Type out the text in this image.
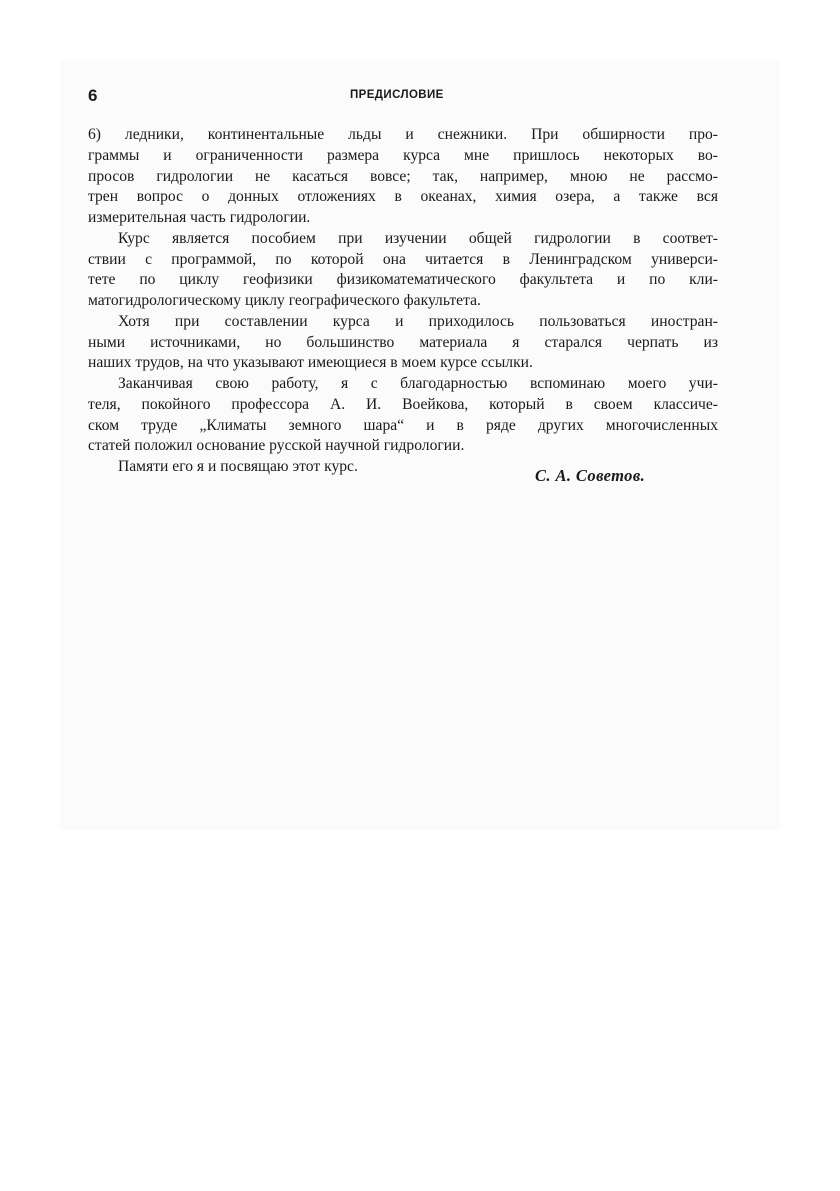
6	ПРЕДИСЛОВИЕ
6) ледники, континентальные льды и снежники. При обширности про-
граммы и ограниченности размера курса мне пришлось некоторых во-
просов гидрологии не касаться вовсе; так, например, мною не рассмо-
трен вопрос о донных отложениях в океанах, химия озера, а также вся
измерительная часть гидрологии.
Курс является пособием при изучении общей гидрологии в соответ-
ствии с программой, по которой она читается в Ленинградском универси-
тете по циклу геофизики физикоматематического факультета и по кли-
матогидрологическому циклу географического факультета.
Хотя при составлении курса и приходилось пользоваться иностран-
ными источниками, но большинство материала я старался черпать из
наших трудов, на что указывают имеющиеся в моем курсе ссылки.
Заканчивая свою работу, я с благодарностью вспоминаю моего учи-
теля, покойного профессора А. И. Воейкова, который в своем классиче-
ском труде „Климаты земного шара“ и в ряде других многочисленных
статей положил основание русской научной гидрологии.
Памяти его я и посвящаю этот курс.	С. А. Советов.
